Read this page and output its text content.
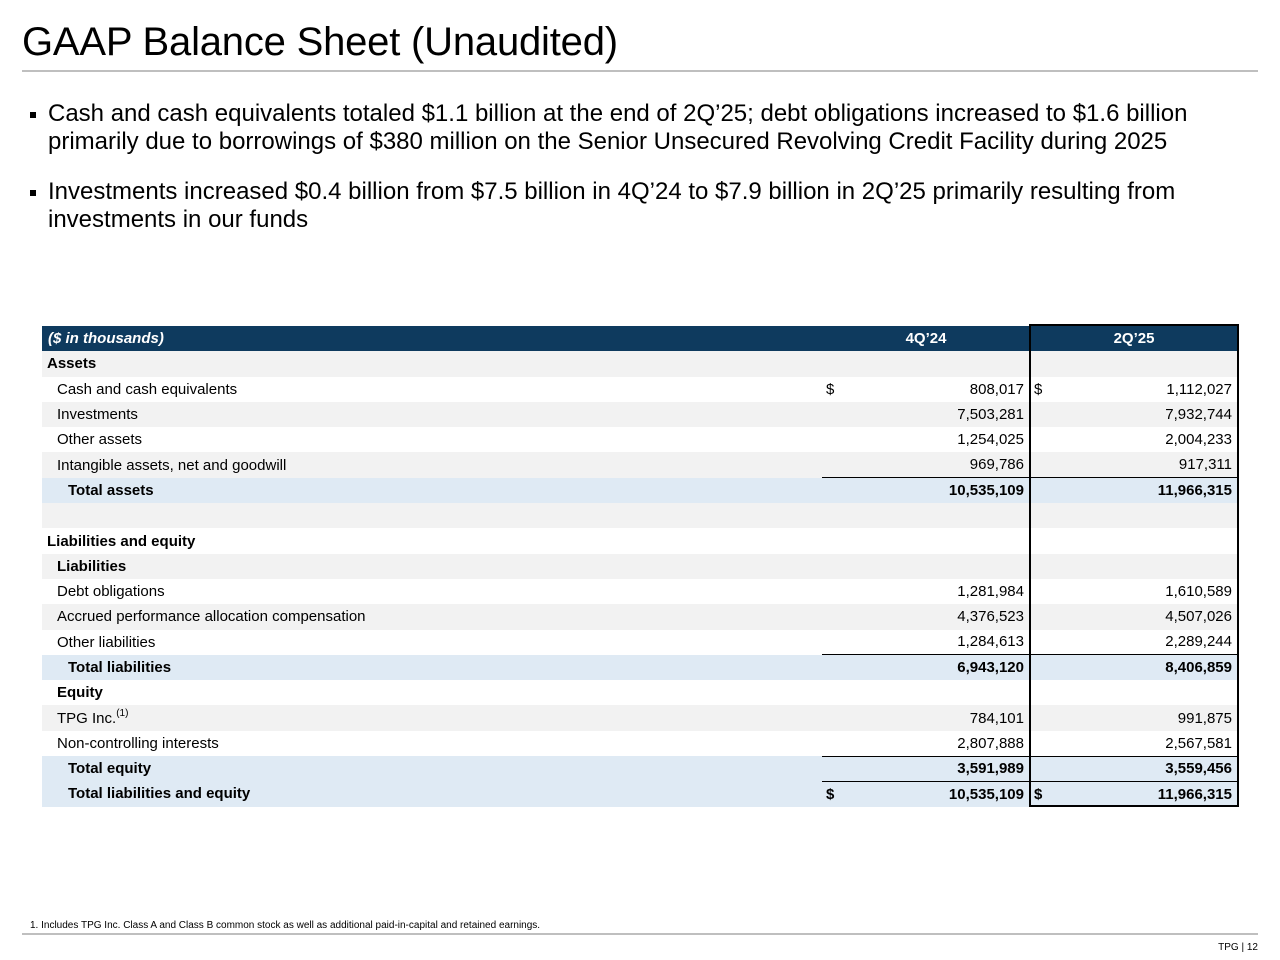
GAAP Balance Sheet (Unaudited)
Cash and cash equivalents totaled $1.1 billion at the end of 2Q’25; debt obligations increased to $1.6 billion primarily due to borrowings of $380 million on the Senior Unsecured Revolving Credit Facility during 2025
Investments increased $0.4 billion from $7.5 billion in 4Q’24 to $7.9 billion in 2Q’25 primarily resulting from investments in our funds
($ in thousands)	4Q’24		2Q’25	
Assets				
Cash and cash equivalents	$	808,017	$	1,112,027
Investments		7,503,281		7,932,744
Other assets		1,254,025		2,004,233
Intangible assets, net and goodwill		969,786		917,311
Total assets		10,535,109		11,966,315

Liabilities and equity				
Liabilities				
Debt obligations		1,281,984		1,610,589
Accrued performance allocation compensation		4,376,523		4,507,026
Other liabilities		1,284,613		2,289,244
Total liabilities		6,943,120		8,406,859
Equity				
TPG Inc.$^{(1)}$		784,101		991,875
Non-controlling interests		2,807,888		2,567,581
Total equity		3,591,989		3,559,456
Total liabilities and equity	$	10,535,109	$	11,966,315
1. Includes TPG Inc. Class A and Class B common stock as well as additional paid-in-capital and retained earnings.
TPG | 12
